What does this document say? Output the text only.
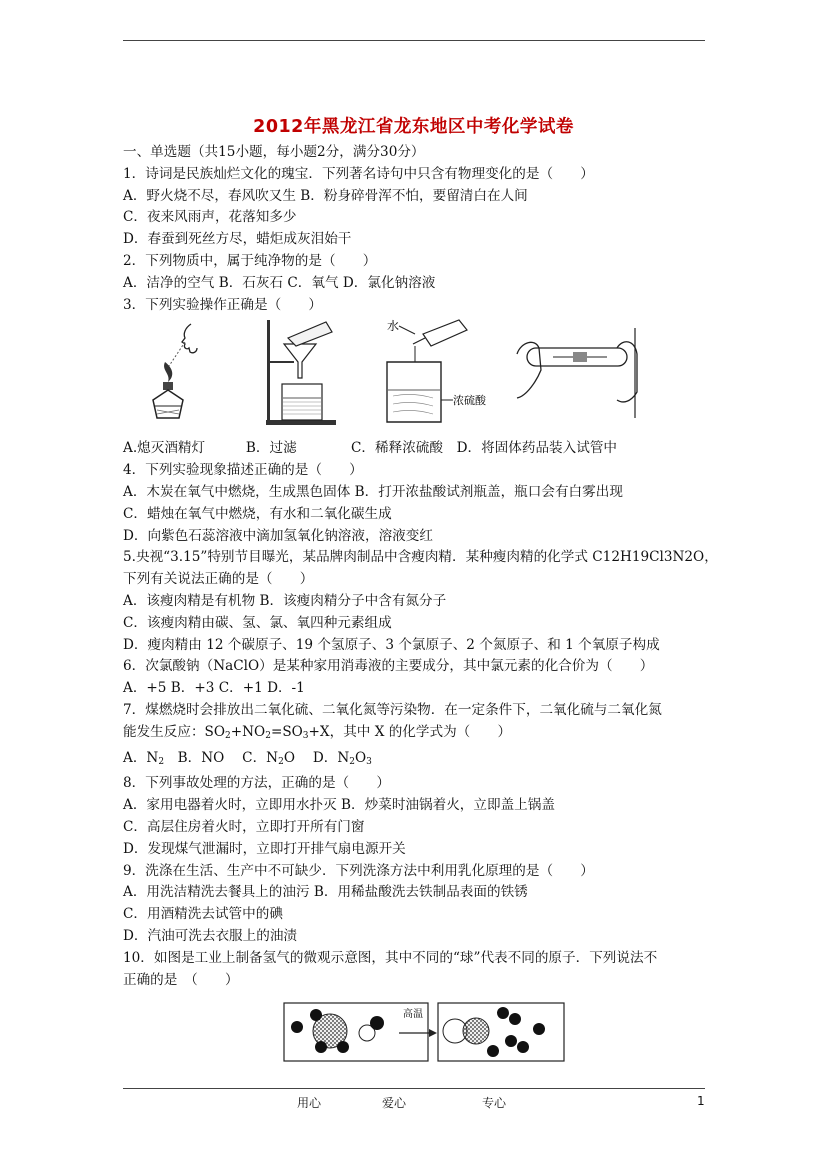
2012年黑龙江省龙东地区中考化学试卷
一、单选题（共15小题，每小题2分，满分30分）
1．诗词是民族灿烂文化的瑰宝．下列著名诗句中只含有物理变化的是（　　）
A．野火烧不尽，春风吹又生 B．粉身碎骨浑不怕，要留清白在人间
C．夜来风雨声，花落知多少
D．春蚕到死丝方尽，蜡炬成灰泪始干
2．下列物质中，属于纯净物的是（　　）
A．洁净的空气 B．石灰石 C．氧气 D．氯化钠溶液
3．下列实验操作正确是（　　）
水
浓硫酸
A.熄灭酒精灯　　　B．过滤　　　　C．稀释浓硫酸　D．将固体药品装入试管中
4．下列实验现象描述正确的是（　　）
A．木炭在氧气中燃烧，生成黑色固体 B．打开浓盐酸试剂瓶盖，瓶口会有白雾出现
C．蜡烛在氧气中燃烧，有水和二氧化碳生成
D．向紫色石蕊溶液中滴加氢氧化钠溶液，溶液变红
5.央视“3.15”特别节目曝光，某品牌肉制品中含瘦肉精．某种瘦肉精的化学式 C12H19Cl3N2O，
下列有关说法正确的是（　　）
A．该瘦肉精是有机物 B．该瘦肉精分子中含有氮分子
C．该瘦肉精由碳、氢、氯、氧四种元素组成
D．瘦肉精由 12 个碳原子、19 个氢原子、3 个氯原子、2 个氮原子、和 1 个氧原子构成
6．次氯酸钠（NaClO）是某种家用消毒液的主要成分，其中氯元素的化合价为（　　）
A．+5 B．+3 C．+1 D．-1
7．煤燃烧时会排放出二氧化硫、二氧化氮等污染物．在一定条件下，二氧化硫与二氧化氮
能发生反应：$SO_2+NO_2=SO_3+X$，其中 X 的化学式为（　　）
A．$N_2$　B．NO　 C．$N_2O$　 D．$N_2O_3$
8．下列事故处理的方法，正确的是（　　）
A．家用电器着火时，立即用水扑灭 B．炒菜时油锅着火，立即盖上锅盖
C．高层住房着火时，立即打开所有门窗
D．发现煤气泄漏时，立即打开排气扇电源开关
9．洗涤在生活、生产中不可缺少．下列洗涤方法中利用乳化原理的是（　　）
A．用洗洁精洗去餐具上的油污 B．用稀盐酸洗去铁制品表面的铁锈
C．用酒精洗去试管中的碘
D．汽油可洗去衣服上的油渍
10．如图是工业上制备氢气的微观示意图，其中不同的“球”代表不同的原子．下列说法不
正确的是　（　　）
高温
用心	爱心	专心	1
